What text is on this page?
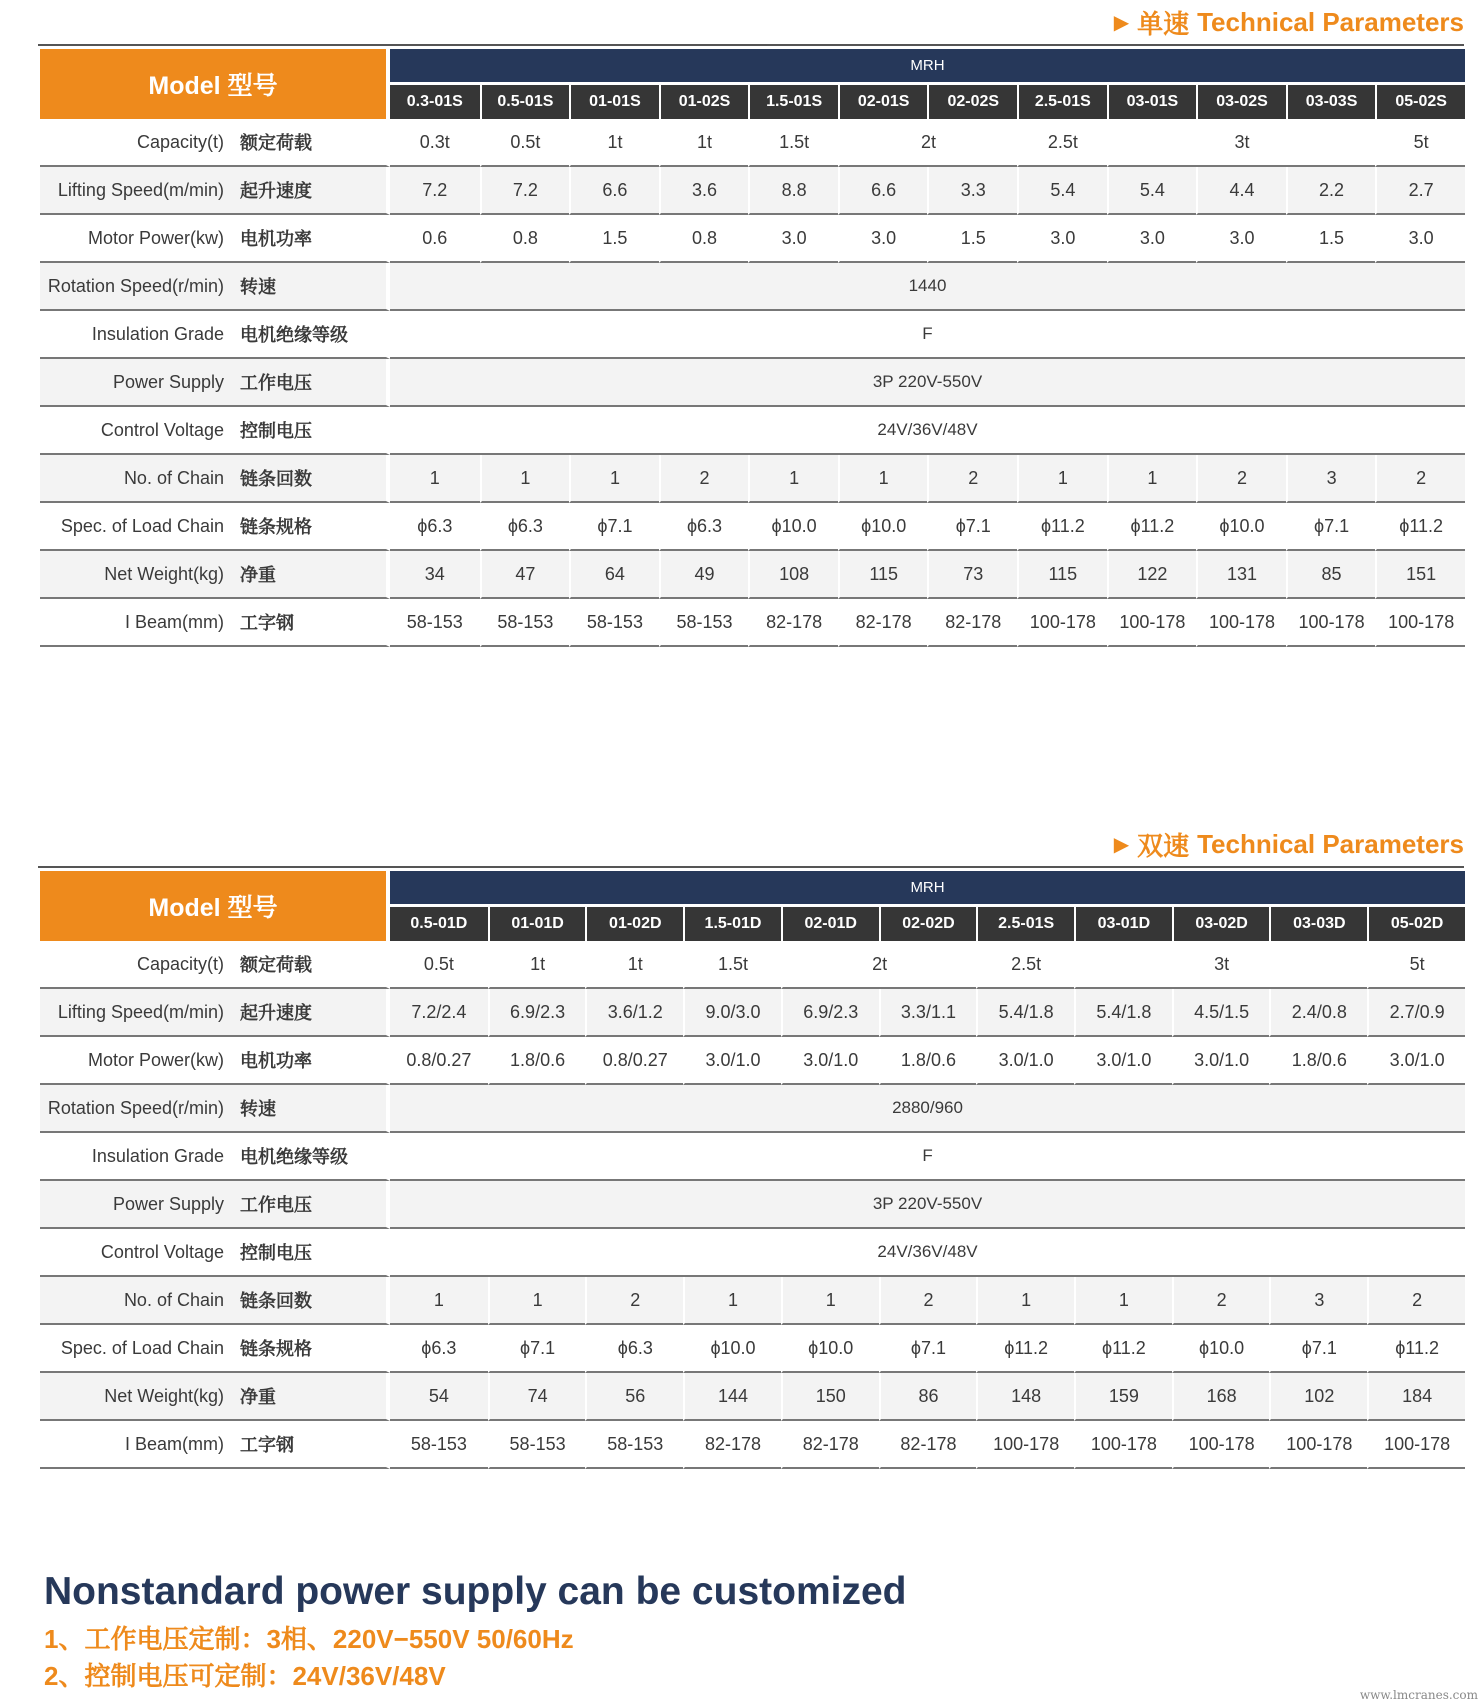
▶ 单速 Technical Parameters
Model 型号	MRH											
	0.3-01S	0.5-01S	01-01S	01-02S	1.5-01S	02-01S	02-02S	2.5-01S	03-01S	03-02S	03-03S	05-02S

Capacity(t) 额定荷载	0.3t	0.5t	1t	1t	1.5t	2t		2.5t	3t			5t

Lifting Speed(m/min) 起升速度	7.2	7.2	6.6	3.6	8.8	6.6	3.3	5.4	5.4	4.4	2.2	2.7

Motor Power(kw) 电机功率	0.6	0.8	1.5	0.8	3.0	3.0	1.5	3.0	3.0	3.0	1.5	3.0

Rotation Speed(r/min) 转速	1440											

Insulation Grade 电机绝缘等级	F											

Power Supply 工作电压	3P 220V-550V											

Control Voltage 控制电压	24V/36V/48V											

No. of Chain 链条回数	1	1	1	2	1	1	2	1	1	2	3	2

Spec. of Load Chain 链条规格	ϕ6.3	ϕ6.3	ϕ7.1	ϕ6.3	ϕ10.0	ϕ10.0	ϕ7.1	ϕ11.2	ϕ11.2	ϕ10.0	ϕ7.1	ϕ11.2

Net Weight(kg) 净重	34	47	64	49	108	115	73	115	122	131	85	151

I Beam(mm) 工字钢	58-153	58-153	58-153	58-153	82-178	82-178	82-178	100-178	100-178	100-178	100-178	100-178
▶ 双速 Technical Parameters
Model 型号	MRH										
	0.5-01D	01-01D	01-02D	1.5-01D	02-01D	02-02D	2.5-01S	03-01D	03-02D	03-03D	05-02D

Capacity(t) 额定荷载	0.5t	1t	1t	1.5t	2t		2.5t	3t			5t

Lifting Speed(m/min) 起升速度	7.2/2.4	6.9/2.3	3.6/1.2	9.0/3.0	6.9/2.3	3.3/1.1	5.4/1.8	5.4/1.8	4.5/1.5	2.4/0.8	2.7/0.9

Motor Power(kw) 电机功率	0.8/0.27	1.8/0.6	0.8/0.27	3.0/1.0	3.0/1.0	1.8/0.6	3.0/1.0	3.0/1.0	3.0/1.0	1.8/0.6	3.0/1.0

Rotation Speed(r/min) 转速	2880/960										

Insulation Grade 电机绝缘等级	F										

Power Supply 工作电压	3P 220V-550V										

Control Voltage 控制电压	24V/36V/48V										

No. of Chain 链条回数	1	1	2	1	1	2	1	1	2	3	2

Spec. of Load Chain 链条规格	ϕ6.3	ϕ7.1	ϕ6.3	ϕ10.0	ϕ10.0	ϕ7.1	ϕ11.2	ϕ11.2	ϕ10.0	ϕ7.1	ϕ11.2

Net Weight(kg) 净重	54	74	56	144	150	86	148	159	168	102	184

I Beam(mm) 工字钢	58-153	58-153	58-153	82-178	82-178	82-178	100-178	100-178	100-178	100-178	100-178
Nonstandard power supply can be customized
1、工作电压定制：3相、220V−550V 50/60Hz
2、控制电压可定制：24V/36V/48V
www.lmcranes.com
